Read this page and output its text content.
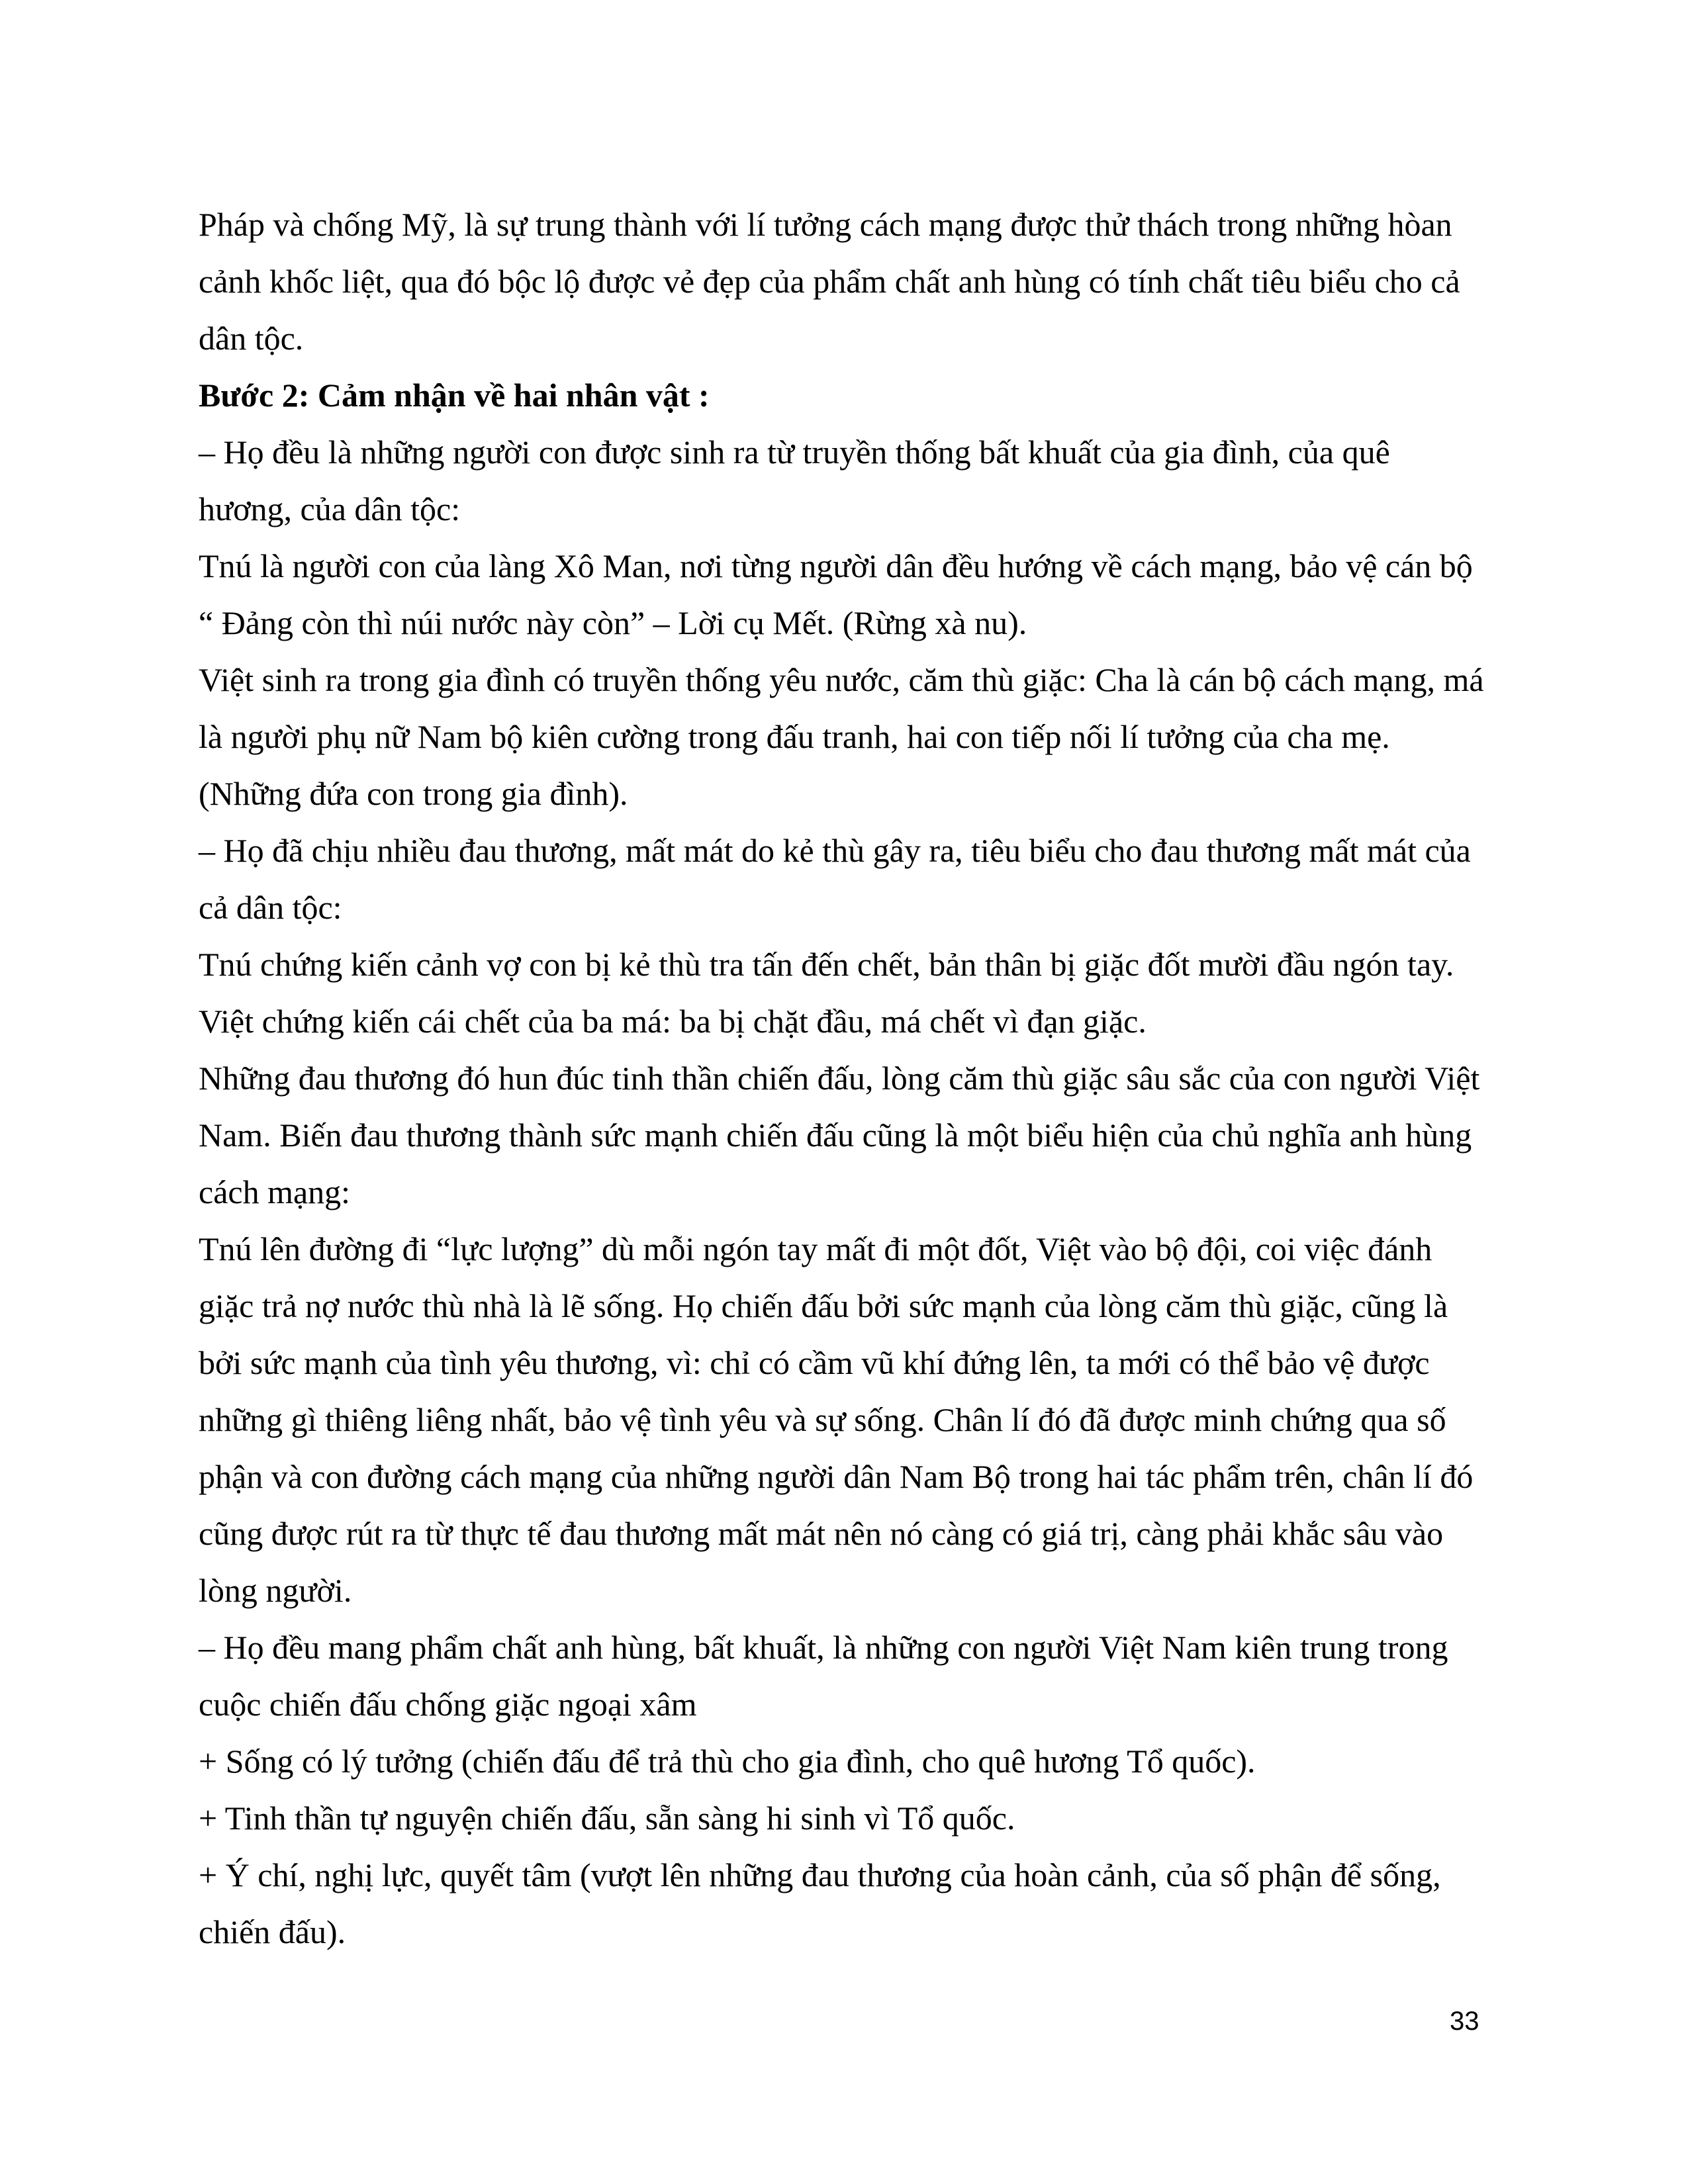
Pháp và chống Mỹ, là sự trung thành với lí tưởng cách mạng được thử thách trong những hòan
cảnh khốc liệt, qua đó bộc lộ được vẻ đẹp của phẩm chất anh hùng có tính chất tiêu biểu cho cả
dân tộc.
Bước 2: Cảm nhận về hai nhân vật :
– Họ đều là những người con được sinh ra từ truyền thống bất khuất của gia đình, của quê
hương, của dân tộc:
Tnú là người con của làng Xô Man, nơi từng người dân đều hướng về cách mạng, bảo vệ cán bộ
“ Đảng còn thì núi nước này còn” – Lời cụ Mết. (Rừng xà nu).
Việt sinh ra trong gia đình có truyền thống yêu nước, căm thù giặc: Cha là cán bộ cách mạng, má
là người phụ nữ Nam bộ kiên cường trong đấu tranh, hai con tiếp nối lí tưởng của cha mẹ.
(Những đứa con trong gia đình).
– Họ đã chịu nhiều đau thương, mất mát do kẻ thù gây ra, tiêu biểu cho đau thương mất mát của
cả dân tộc:
Tnú chứng kiến cảnh vợ con bị kẻ thù tra tấn đến chết, bản thân bị giặc đốt mười đầu ngón tay.
Việt chứng kiến cái chết của ba má: ba bị chặt đầu, má chết vì đạn giặc.
Những đau thương đó hun đúc tinh thần chiến đấu, lòng căm thù giặc sâu sắc của con người Việt
Nam. Biến đau thương thành sức mạnh chiến đấu cũng là một biểu hiện của chủ nghĩa anh hùng
cách mạng:
Tnú lên đường đi “lực lượng” dù mỗi ngón tay mất đi một đốt, Việt vào bộ đội, coi việc đánh
giặc trả nợ nước thù nhà là lẽ sống. Họ chiến đấu bởi sức mạnh của lòng căm thù giặc, cũng là
bởi sức mạnh của tình yêu thương, vì: chỉ có cầm vũ khí đứng lên, ta mới có thể bảo vệ được
những gì thiêng liêng nhất, bảo vệ tình yêu và sự sống. Chân lí đó đã được minh chứng qua số
phận và con đường cách mạng của những người dân Nam Bộ trong hai tác phẩm trên, chân lí đó
cũng được rút ra từ thực tế đau thương mất mát nên nó càng có giá trị, càng phải khắc sâu vào
lòng người.
– Họ đều mang phẩm chất anh hùng, bất khuất, là những con người Việt Nam kiên trung trong
cuộc chiến đấu chống giặc ngoại xâm
+ Sống có lý tưởng (chiến đấu để trả thù cho gia đình, cho quê hương Tổ quốc).
+ Tinh thần tự nguyện chiến đấu, sẵn sàng hi sinh vì Tổ quốc.
+ Ý chí, nghị lực, quyết tâm (vượt lên những đau thương của hoàn cảnh, của số phận để sống,
chiến đấu).
33
